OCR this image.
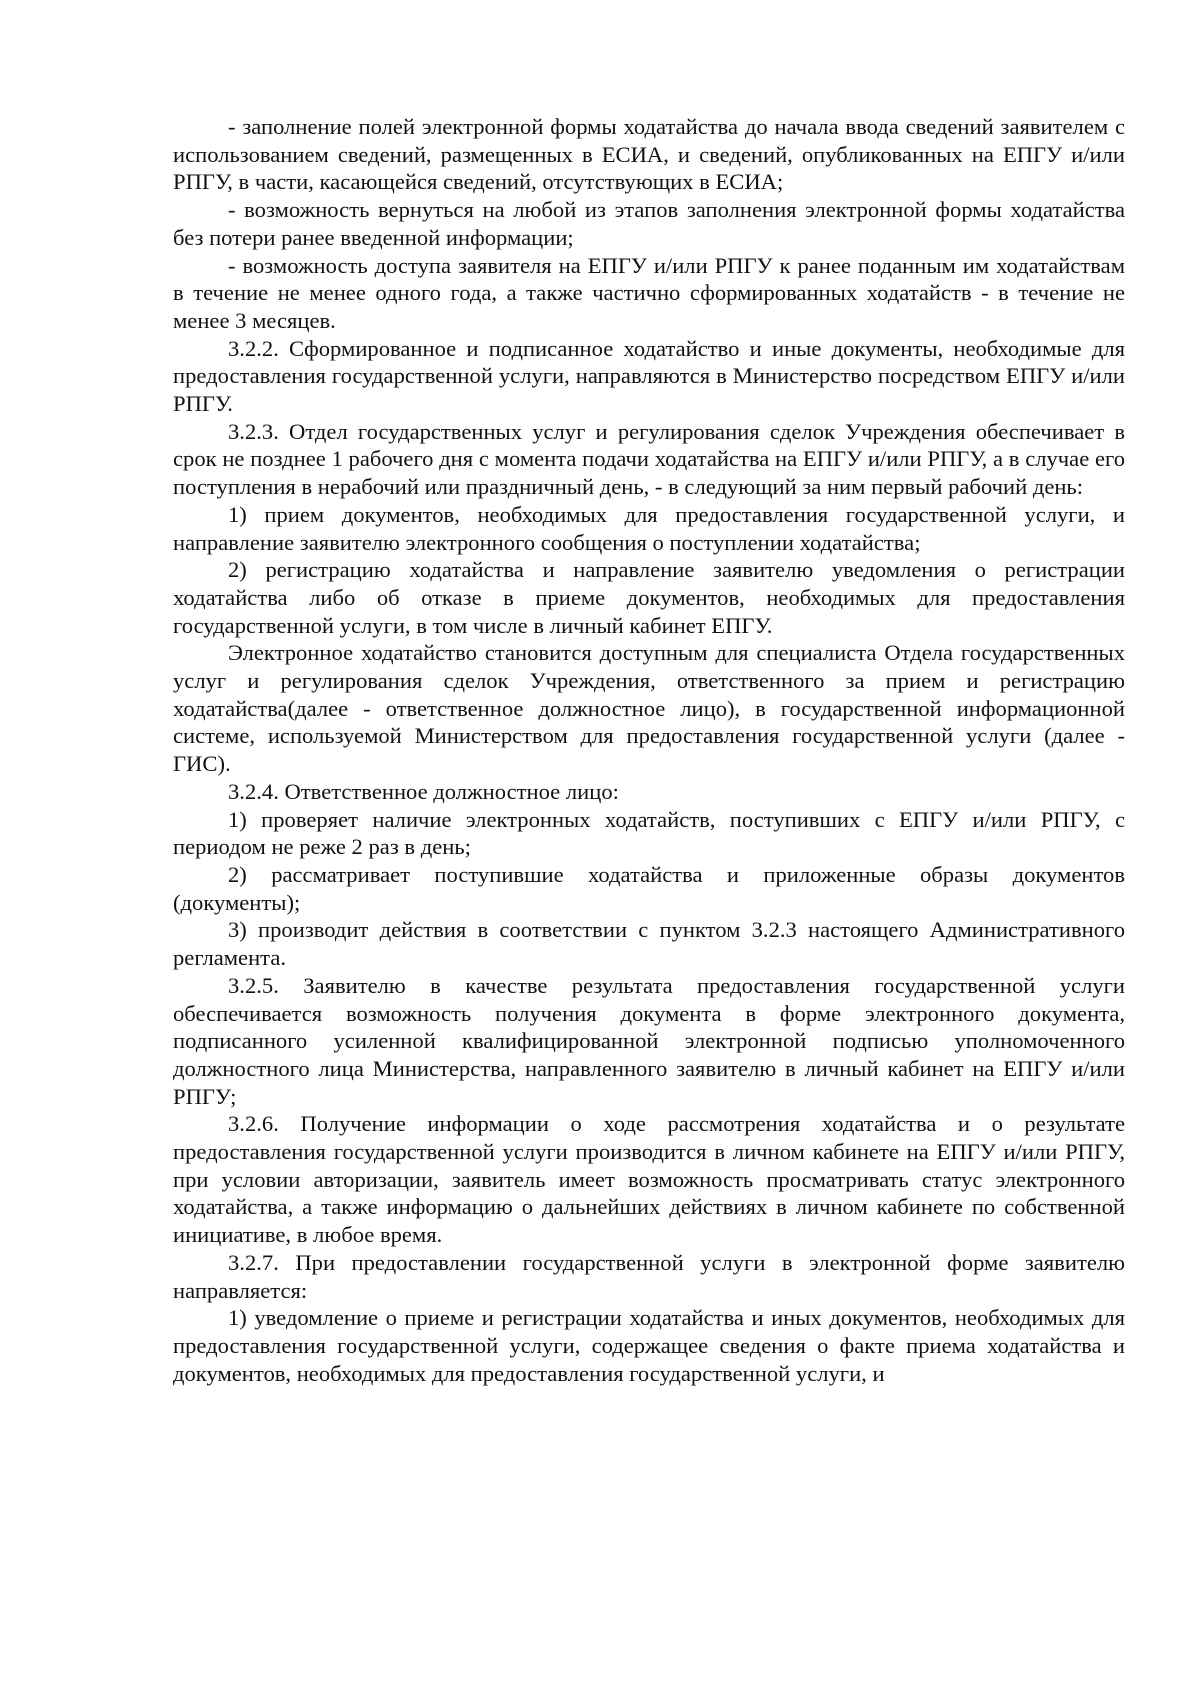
- заполнение полей электронной формы ходатайства до начала ввода сведений заявителем с использованием сведений, размещенных в ЕСИА, и сведений, опубликованных на ЕПГУ и/или РПГУ, в части, касающейся сведений, отсутствующих в ЕСИА;

- возможность вернуться на любой из этапов заполнения электронной формы ходатайства без потери ранее введенной информации;

- возможность доступа заявителя на ЕПГУ и/или РПГУ к ранее поданным им ходатайствам в течение не менее одного года, а также частично сформированных ходатайств - в течение не менее 3 месяцев.

3.2.2. Сформированное и подписанное ходатайство и иные документы, необходимые для предоставления государственной услуги, направляются в Министерство посредством ЕПГУ и/или РПГУ.

3.2.3. Отдел государственных услуг и регулирования сделок Учреждения обеспечивает в срок не позднее 1 рабочего дня с момента подачи ходатайства на ЕПГУ и/или РПГУ, а в случае его поступления в нерабочий или праздничный день, - в следующий за ним первый рабочий день:

1) прием документов, необходимых для предоставления государственной услуги, и направление заявителю электронного сообщения о поступлении ходатайства;

2) регистрацию ходатайства и направление заявителю уведомления о регистрации ходатайства либо об отказе в приеме документов, необходимых для предоставления государственной услуги, в том числе в личный кабинет ЕПГУ.

Электронное ходатайство становится доступным для специалиста Отдела государственных услуг и регулирования сделок Учреждения, ответственного за прием и регистрацию ходатайства(далее - ответственное должностное лицо), в государственной информационной системе, используемой Министерством для предоставления государственной услуги (далее - ГИС).

3.2.4. Ответственное должностное лицо:

1) проверяет наличие электронных ходатайств, поступивших с ЕПГУ и/или РПГУ, с периодом не реже 2 раз в день;

2) рассматривает поступившие ходатайства и приложенные образы документов (документы);

3) производит действия в соответствии с пунктом 3.2.3 настоящего Административного регламента.

3.2.5. Заявителю в качестве результата предоставления государственной услуги обеспечивается возможность получения документа в форме электронного документа, подписанного усиленной квалифицированной электронной подписью уполномоченного должностного лица Министерства, направленного заявителю в личный кабинет на ЕПГУ и/или РПГУ;

3.2.6. Получение информации о ходе рассмотрения ходатайства и о результате предоставления государственной услуги производится в личном кабинете на ЕПГУ и/или РПГУ, при условии авторизации, заявитель имеет возможность просматривать статус электронного ходатайства, а также информацию о дальнейших действиях в личном кабинете по собственной инициативе, в любое время.

3.2.7. При предоставлении государственной услуги в электронной форме заявителю направляется:

1) уведомление о приеме и регистрации ходатайства и иных документов, необходимых для предоставления государственной услуги, содержащее сведения о факте приема ходатайства и документов, необходимых для предоставления государственной услуги, и
